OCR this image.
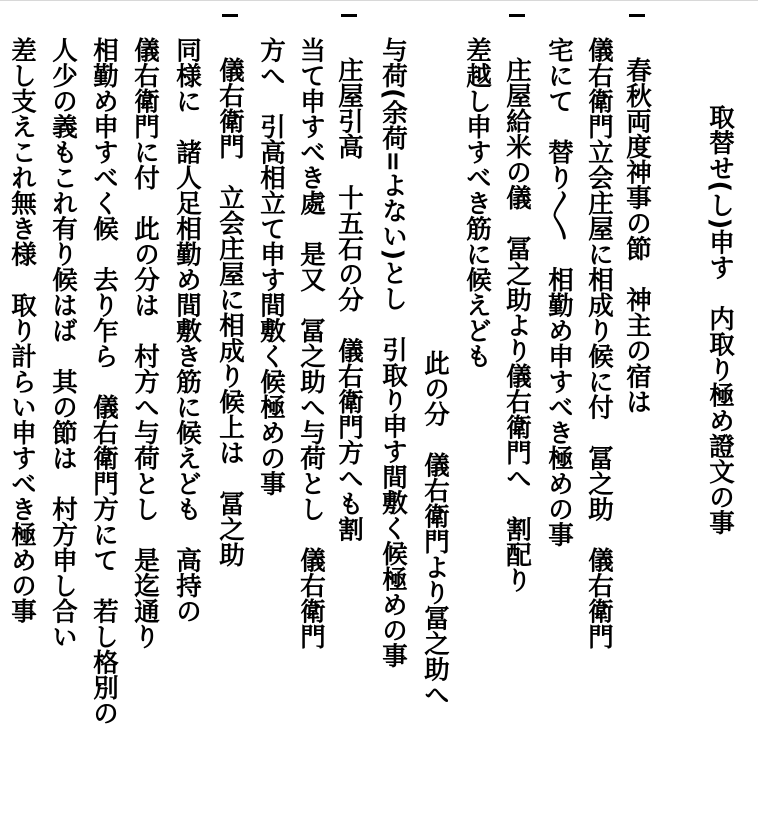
取替せ(し)申す　内取り極め證文の事
春秋両度神事の節　神主の宿は
儀右衛門立会庄屋に相成り候に付　冨之助　儀右衛門
宅にて　替り〳〵　相勤め申すべき極めの事
庄屋給米の儀　冨之助より儀右衛門へ　割配り
差越し申すべき筋に候えども
此の分　儀右衛門より冨之助へ
与荷(余荷=よない)とし　引取り申す間敷く候極めの事
庄屋引高　十五石の分　儀右衛門方へも割
当て申すべき處　是又　冨之助へ与荷とし　儀右衛門
方へ　引高相立て申す間敷く候極めの事
儀右衛門　立会庄屋に相成り候上は　冨之助
同様に　諸人足相勤め間敷き筋に候えども　高持の
儀右衛門に付　此の分は　村方へ与荷とし　是迄通り
相勤め申すべく候　去り乍ら　儀右衛門方にて　若し格別の
人少の義もこれ有り候はば　其の節は　村方申し合い
差し支えこれ無き様　取り計らい申すべき極めの事
